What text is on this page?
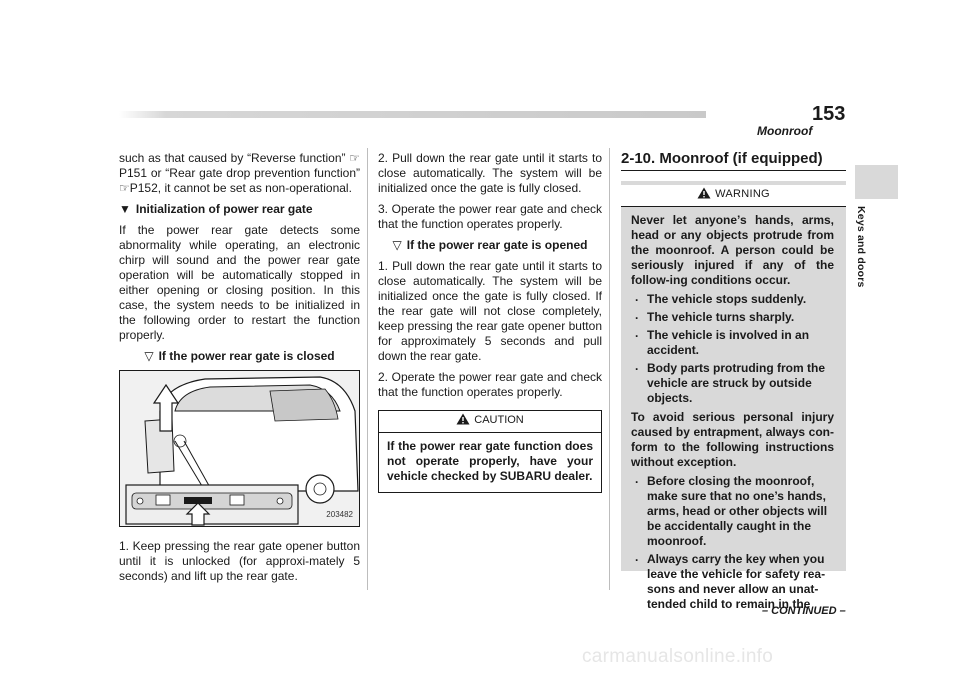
Moonroof
153
Keys and doors

such as that caused by “Reverse function” ☞P151 or “Rear gate drop prevention function” ☞P152, it cannot be set as non-operational.

▼ Initialization of power rear gate

If the power rear gate detects some abnormality while operating, an electronic chirp will sound and the power rear gate operation will be automatically stopped in either opening or closing position. In this case, the system needs to be initialized in the following order to restart the function properly.

▽ If the power rear gate is closed

203482

1. Keep pressing the rear gate opener button until it is unlocked (for approxi-mately 5 seconds) and lift up the rear gate.

2. Pull down the rear gate until it starts to close automatically. The system will be initialized once the gate is fully closed.

3. Operate the power rear gate and check that the function operates properly.

▽ If the power rear gate is opened

1. Pull down the rear gate until it starts to close automatically. The system will be initialized once the gate is fully closed. If the rear gate will not close completely, keep pressing the rear gate opener button for approximately 5 seconds and pull down the rear gate.

2. Operate the power rear gate and check that the function operates properly.

CAUTION
If the power rear gate function does not operate properly, have your vehicle checked by SUBARU dealer.
2-10. Moonroof (if equipped)
WARNING

Never let anyone’s hands, arms, head or any objects protrude from the moonroof. A person could be seriously injured if any of the follow-ing conditions occur.

. The vehicle stops suddenly.
. The vehicle turns sharply.
. The vehicle is involved in an accident.
. Body parts protruding from the vehicle are struck by outside objects.

To avoid serious personal injury caused by entrapment, always con-form to the following instructions without exception.

. Before closing the moonroof, make sure that no one’s hands, arms, head or other objects will be accidentally caught in the moonroof.
. Always carry the key when you leave the vehicle for safety rea-sons and never allow an unat-tended child to remain in the
– CONTINUED –
carmanualsonline.info
